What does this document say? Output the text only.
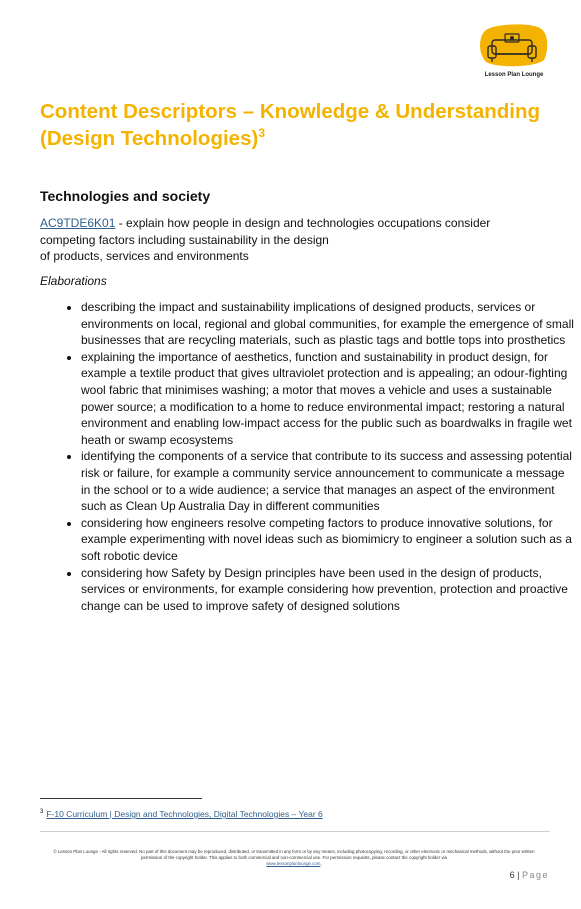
Lesson Plan Lounge
Content Descriptors – Knowledge & Understanding (Design Technologies)$^3$
Technologies and society
AC9TDE6K01 - explain how people in design and technologies occupations consider competing factors including sustainability in the design
of products, services and environments
Elaborations
• describing the impact and sustainability implications of designed products, services or environments on local, regional and global communities, for example the emergence of small businesses that are recycling materials, such as plastic tags and bottle tops into prosthetics
• explaining the importance of aesthetics, function and sustainability in product design, for example a textile product that gives ultraviolet protection and is appealing; an odour-fighting wool fabric that minimises washing; a motor that moves a vehicle and uses a sustainable power source; a modification to a home to reduce environmental impact; restoring a natural environment and enabling low-impact access for the public such as boardwalks in fragile wet heath or swamp ecosystems
• identifying the components of a service that contribute to its success and assessing potential risk or failure, for example a community service announcement to communicate a message in the school or to a wide audience; a service that manages an aspect of the environment such as Clean Up Australia Day in different communities
• considering how engineers resolve competing factors to produce innovative solutions, for example experimenting with novel ideas such as biomimicry to engineer a solution such as a soft robotic device
• considering how Safety by Design principles have been used in the design of products, services or environments, for example considering how prevention, protection and proactive change can be used to improve safety of designed solutions
$^3$ F-10 Curriculum | Design and Technologies, Digital Technologies – Year 6
© Lesson Plan Lounge - All rights reserved. No part of this document may be reproduced, distributed, or transmitted in any form or by any means, including photocopying, recording, or other electronic or mechanical methods, without the prior written permission of the copyright holder. This applies to both commercial and non-commercial use. For permission requests, please contact the copyright holder via
www.lessonplanlounge.com.
6 | Page
